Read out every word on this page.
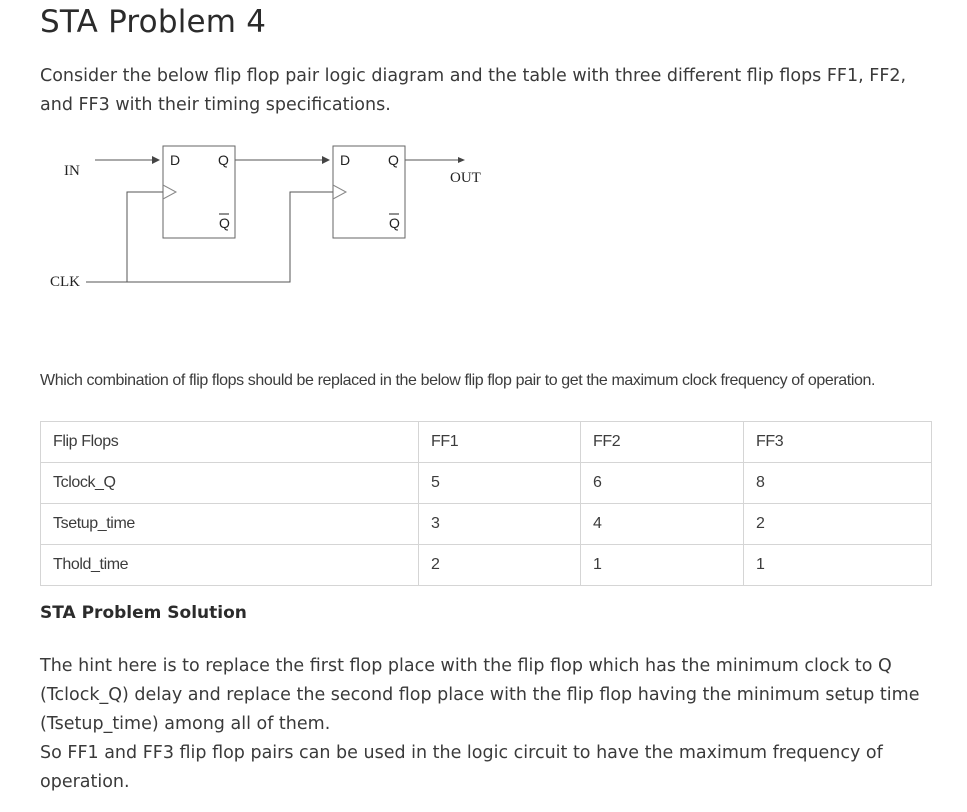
STA Problem 4

Consider the below flip flop pair logic diagram and the table with three different flip flops FF1, FF2, and FF3 with their timing specifications.

D	Q
Q
D	Q
Q
IN
CLK
OUT

Which combination of flip flops should be replaced in the below flip flop pair to get the maximum clock frequency of operation.

Flip Flops	FF1	FF2	FF3
Tclock_Q	5	6	8
Tsetup_time	3	4	2
Thold_time	2	1	1
STA Problem Solution

The hint here is to replace the first flop place with the flip flop which has the minimum clock to Q (Tclock_Q) delay and replace the second flop place with the flip flop having the minimum setup time (Tsetup_time) among all of them.
So FF1 and FF3 flip flop pairs can be used in the logic circuit to have the maximum frequency of operation.
